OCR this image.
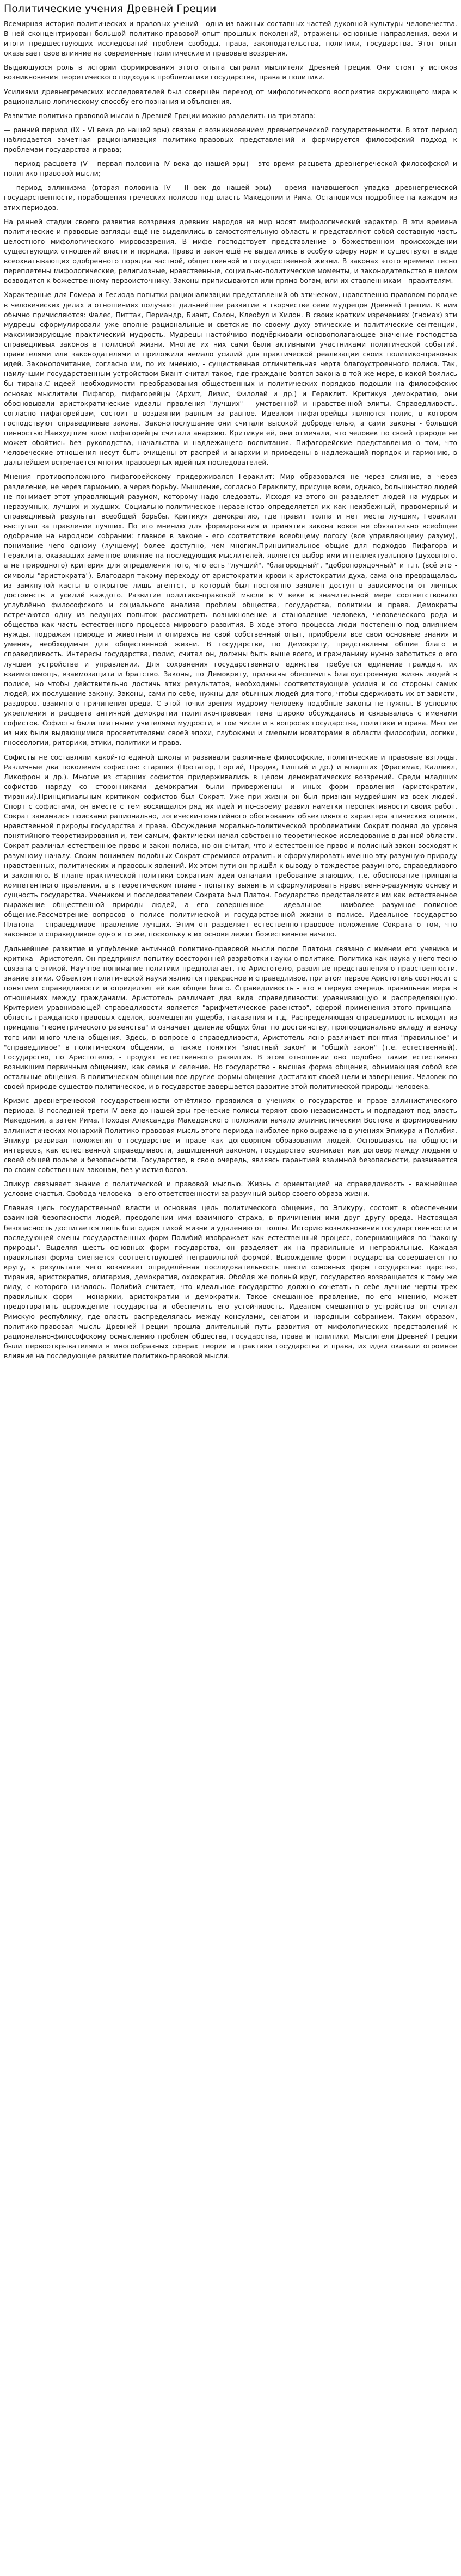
Политические учения Древней Греции

Всемирная история политических и правовых учений - одна из важных составных частей духовной культуры человечества. В ней сконцентрирован большой политико-правовой опыт прошлых поколений, отражены основные направления, вехи и итоги предшествующих исследований проблем свободы, права, законодательства, политики, государства. Этот опыт оказывает свое влияние на современные политические и правовые воззрения.

Выдающуюся роль в истории формирования этого опыта сыграли мыслители Древней Греции. Они стоят у истоков возникновения теоретического подхода к проблематике государства, права и политики.

Усилиями древнегреческих исследователей был совершён переход от мифологического восприятия окружающего мира к рационально-логическому способу его познания и объяснения.

Развитие политико-правовой мысли в Древней Греции можно разделить на три этапа:

— ранний период (IX - VI века до нашей эры) связан с возникновением древнегреческой государственности. В этот период наблюдается заметная рационализация политико-правовых представлений и формируется философский подход к проблемам государства и права;

— период расцвета (V - первая половина IV века до нашей эры) - это время расцвета древнегреческой философской и политико-правовой мысли;

— период эллинизма (вторая половина IV - II век до нашей эры) - время начавшегося упадка древнегреческой государственности, порабощения греческих полисов под власть Македонии и Рима. Остановимся подробнее на каждом из этих периодов.

На ранней стадии своего развития воззрения древних народов на мир носят мифологический характер. В эти времена политические и правовые взгляды ещё не выделились в самостоятельную область и представляют собой составную часть целостного мифологического мировоззрения. В мифе господствует представление о божественном происхождении существующих отношений власти и порядка. Право и закон ещё не выделились в особую сферу норм и существуют в виде всеохватывающих одобренного порядка частной, общественной и государственной жизни. В законах этого времени тесно переплетены мифологические, религиозные, нравственные, социально-политические моменты, и законодательство в целом возводится к божественному первоисточнику. Законы приписываются или прямо богам, или их ставленникам - правителям.

Характерные для Гомера и Гесиода попытки рационализации представлений об этическом, нравственно-правовом порядке в человеческих делах и отношениях получают дальнейшее развитие в творчестве семи мудрецов Древней Греции. К ним обычно причисляются: Фалес, Питтак, Периандр, Биант, Солон, Клеобул и Хилон. В своих кратких изречениях (гномах) эти мудрецы сформулировали уже вполне рациональные и светские по своему духу этические и политические сентенции, максимизирующие практический мудрость. Мудрецы настойчиво подчёркивали основополагающее значение господства справедливых законов в полисной жизни. Многие их них сами были активными участниками политической событий, правителями или законодателями и приложили немало усилий для практической реализации своих политико-правовых идей. Законопочитание, согласно им, по их мнению, - существенная отличительная черта благоустроенного полиса. Так, наилучшим государственным устройством Биант считал такое, где граждане боятся закона в той же мере, в какой боялись бы тирана.С идеей необходимости преобразования общественных и политических порядков подошли на философских основах мыслители Пифагор, пифагорейцы (Архит, Лизис, Филолай и др.) и Гераклит. Критикуя демократию, они обосновывали аристократические идеалы правления "лучших" - умственной и нравственной элиты. Справедливость, согласно пифагорейцам, состоит в воздаянии равным за равное. Идеалом пифагорейцы являются полис, в котором господствуют справедливые законы. Законопослушание они считали высокой добродетелью, а сами законы - большой ценностью.Наихудшим злом пифагорейцы считали анархию. Критикуя её, они отмечали, что человек по своей природе не может обойтись без руководства, начальства и надлежащего воспитания. Пифагорейские представления о том, что человеческие отношения несут быть очищены от распрей и анархии и приведены в надлежащий порядок и гармонию, в дальнейшем встречается многих правоверных идейных последователей.

Мнения противоположного пифагорейскому придерживался Гераклит: Мир образовался не через слияние, а через разделение, не через гармонию, а через борьбу. Мышление, согласно Гераклиту, присуще всем, однако, большинство людей не понимает этот управляющий разумом, которому надо следовать. Исходя из этого он разделяет людей на мудрых и неразумных, лучших и худших. Социально-политическое неравенство определяется их как неизбежный, правомерный и справедливый результат всеобщей борьбы. Критикуя демократию, где правит толпа и нет места лучшим, Гераклит выступал за правление лучших. По его мнению для формирования и принятия закона вовсе не обязательно всеобщее одобрение на народном собрании: главное в законе - его соответствие всеобщему логосу (все управляющему разуму), понимание чего одному (лучшему) более доступно, чем многим.Принципиальное общие для подходов Пифагора и Гераклита, оказавших заметное влияние на последующих мыслителей, является выбор ими интеллектуального (духовного, а не природного) критерия для определения того, что есть "лучший", "благородный", "добропорядочный" и т.п. (всё это - символы "аристократа"). Благодаря такому переходу от аристократии крови к аристократии духа, сама она превращалась из замкнутой касты в открытое лишь агентст, в который был постоянно заявлен доступ в зависимости от личных достоинств и усилий каждого. Развитие политико-правовой мысли в V веке в значительной мере соответствовало углублённо философского и социального анализа проблем общества, государства, политики и права. Демократы встречаются одну из ведущих попыток рассмотреть возникновение и становление человека, человеческого рода и общества как часть естественного процесса мирового развития. В ходе этого процесса люди постепенно под влиянием нужды, подражая природе и животным и опираясь на свой собственный опыт, приобрели все свои основные знания и умения, необходимые для общественной жизни. В государстве, по Демокриту, представлены общие благо и справедливость. Интересы государства, полис, считал он, должны быть выше всего, и гражданину нужно заботиться о его лучшем устройстве и управлении. Для сохранения государственного единства требуется единение граждан, их взаимопомощь, взаимозащита и братство. Законы, по Демокриту, призваны обеспечить благоустроенную жизнь людей в полисе, но чтобы действительно достичь этих результатов, необходимы соответствующие усилия и со стороны самих людей, их послушание закону. Законы, сами по себе, нужны для обычных людей для того, чтобы сдерживать их от зависти, раздоров, взаимного причинения вреда. С этой точки зрения мудрому человеку подобные законы не нужны. В условиях укрепления и расцвета античной демократии политико-правовая тема широко обсуждалась и связывалась с именами софистов. Софисты были платными учителями мудрости, в том числе и в вопросах государства, политики и права. Многие из них были выдающимися просветителями своей эпохи, глубокими и смелыми новаторами в области философии, логики, гносеологии, риторики, этики, политики и права.

Софисты не составляли какой-то единой школы и развивали различные философские, политические и правовые взгляды. Различные два поколения софистов: старших (Протагор, Горгий, Продик, Гиппий и др.) и младших (Фрасимах, Калликл, Ликофрон и др.). Многие из старших софистов придерживались в целом демократических воззрений. Среди младших софистов наряду со сторонниками демократии были приверженцы и иных форм правления (аристократии, тирании).Принципиальным критиком софистов был Сократ. Уже при жизни он был признан мудрейшим из всех людей. Спорт с софистами, он вместе с тем восхищался ряд их идей и по-своему развил наметки перспективности своих работ. Сократ занимался поисками рационально, логически-понятийного обоснования объективного характера этических оценок, нравственной природы государства и права. Обсуждение морально-политической проблематики Сократ поднял до уровня понятийного теоретизирования и, тем самым, фактически начал собственно теоретическое исследование в данной области. Сократ различал естественное право и закон полиса, но он считал, что и естественное право и полисный закон восходят к разумному началу. Своим понимаем подобных Сократ стремился отразить и сформулировать именно эту разумную природу нравственных, политических и правовых явлений. Их этом пути он пришёл к выводу о тождестве разумного, справедливого и законного. В плане практической политики сократизм идеи означали требование знающих, т.е. обоснование принципа компетентного правления, а в теоретическом плане - попытку выявить и сформулировать нравственно-разумную основу и сущность государства. Учеником и последователем Сократа был Платон. Государство представляется им как естественное выражение общественной природы людей, а его совершенное – идеальное – наиболее разумное полисное общение.Рассмотрение вопросов о полисе политической и государственной жизни в полисе. Идеальное государство Платона - справедливое правление лучших. Этим он разделяет естественно-правовое положение Сократа о том, что законное и справедливое одно и то же, поскольку в их основе лежит божественное начало.

Дальнейшее развитие и углубление античной политико-правовой мысли после Платона связано с именем его ученика и критика - Аристотеля. Он предпринял попытку всесторонней разработки науки о политике. Политика как наука у него тесно связана с этикой. Научное понимание политики предполагает, по Аристотелю, развитые представления о нравственности, знание этики. Объектом политической науки являются прекрасное и справедливое, при этом первое Аристотель соотносит с понятием справедливости и определяет её как общее благо. Справедливость - это в первую очередь правильная мера в отношениях между гражданами. Аристотель различает два вида справедливости: уравнивающую и распределяющую. Критерием уравнивающей справедливости является "арифметическое равенство", сферой применения этого принципа - область гражданско-правовых сделок, возмещения ущерба, наказания и т.д. Распределяющая справедливость исходит из принципа "геометрического равенства" и означает деление общих благ по достоинству, пропорционально вкладу и взносу того или иного члена общения. Здесь, в вопросе о справедливости, Аристотель ясно различает понятия "правильное" и "справедливое" в политическом общении, а также понятия "властный закон" и "общий закон" (т.е. естественный). Государство, по Аристотелю, - продукт естественного развития. В этом отношении оно подобно таким естественно возникшим первичным общениям, как семья и селение. Но государство - высшая форма общения, обнимающая собой все остальные общения. В политическом общении все другие формы общения достигают своей цели и завершения. Человек по своей природе существо политическое, и в государстве завершается развитие этой политической природы человека.

Кризис древнегреческой государственности отчётливо проявился в учениях о государстве и праве эллинистического периода. В последней трети IV века до нашей эры греческие полисы теряют свою независимость и подпадают под власть Македонии, а затем Рима. Походы Александра Македонского положили начало эллинистическим Востоке и формированию эллинистических монархий Политико-правовая мысль этого периода наиболее ярко выражена в учениях Эпикура и Полибия. Эпикур развивал положения о государстве и праве как договорном образовании людей. Основываясь на общности интересов, как естественной справедливости, защищенной законом, государство возникает как договор между людьми о своей общей пользе и безопасности. Государство, в свою очередь, являясь гарантией взаимной безопасности, развивается по своим собственным законам, без участия богов.

Эпикур связывает знание с политической и правовой мыслью. Жизнь с ориентацией на справедливость - важнейшее условие счастья. Свобода человека - в его ответственности за разумный выбор своего образа жизни.

Главная цель государственной власти и основная цель политического общения, по Эпикуру, состоит в обеспечении взаимной безопасности людей, преодолении ими взаимного страха, в причинении ими друг другу вреда. Настоящая безопасность достигается лишь благодаря тихой жизни и удалению от толпы. Историю возникновения государственности и последующей смены государственных форм Полибий изображает как естественный процесс, совершающийся по "закону природы". Выделяя шесть основных форм государства, он разделяет их на правильные и неправильные. Каждая правильная форма сменяется соответствующей неправильной формой. Вырождение форм государства совершается по кругу, в результате чего возникает определённая последовательность шести основных форм государства: царство, тирания, аристократия, олигархия, демократия, охлократия. Обойдя же полный круг, государство возвращается к тому же виду, с которого началось. Полибий считает, что идеальное государство должно сочетать в себе лучшие черты трех правильных форм - монархии, аристократии и демократии. Такое смешанное правление, по его мнению, может предотвратить вырождение государства и обеспечить его устойчивость. Идеалом смешанного устройства он считал Римскую республику, где власть распределялась между консулами, сенатом и народным собранием. Таким образом, политико-правовая мысль Древней Греции прошла длительный путь развития от мифологических представлений к рационально-философскому осмыслению проблем общества, государства, права и политики. Мыслители Древней Греции были первооткрывателями в многообразных сферах теории и практики государства и права, их идеи оказали огромное влияние на последующее развитие политико-правовой мысли.
